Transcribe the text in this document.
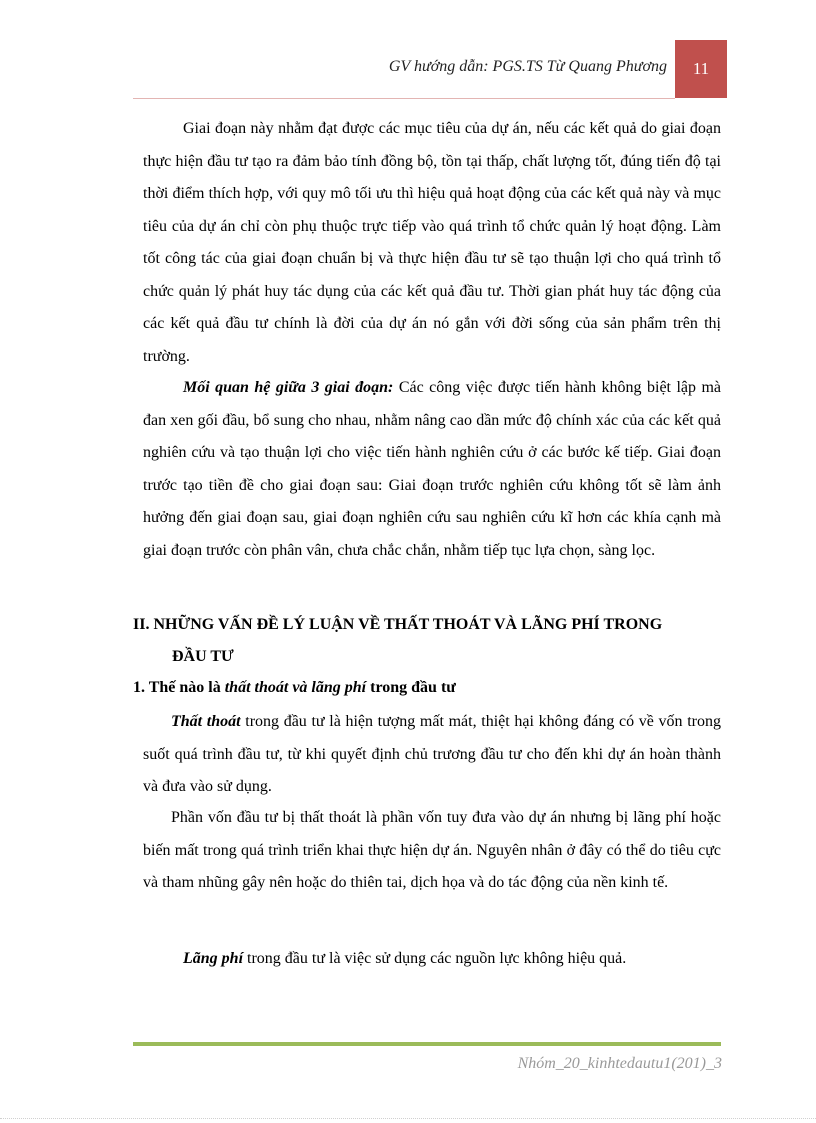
GV hướng dẫn: PGS.TS Từ Quang Phương 11

Giai đoạn này nhằm đạt được các mục tiêu của dự án, nếu các kết quả do giai đoạn thực hiện đầu tư tạo ra đảm bảo tính đồng bộ, tồn tại thấp, chất lượng tốt, đúng tiến độ tại thời điểm thích hợp, với quy mô tối ưu thì hiệu quả hoạt động của các kết quả này và mục tiêu của dự án chỉ còn phụ thuộc trực tiếp vào quá trình tổ chức quản lý hoạt động. Làm tốt công tác của giai đoạn chuẩn bị và thực hiện đầu tư sẽ tạo thuận lợi cho quá trình tổ chức quản lý phát huy tác dụng của các kết quả đầu tư. Thời gian phát huy tác động của các kết quả đầu tư chính là đời của dự án nó gắn với đời sống của sản phẩm trên thị trường.

Mối quan hệ giữa 3 giai đoạn: Các công việc được tiến hành không biệt lập mà đan xen gối đầu, bổ sung cho nhau, nhằm nâng cao dần mức độ chính xác của các kết quả nghiên cứu và tạo thuận lợi cho việc tiến hành nghiên cứu ở các bước kế tiếp. Giai đoạn trước tạo tiền đề cho giai đoạn sau: Giai đoạn trước nghiên cứu không tốt sẽ làm ảnh hưởng đến giai đoạn sau, giai đoạn nghiên cứu sau nghiên cứu kĩ hơn các khía cạnh mà giai đoạn trước còn phân vân, chưa chắc chắn, nhằm tiếp tục lựa chọn, sàng lọc.

II. NHỮNG VẤN ĐỀ LÝ LUẬN VỀ THẤT THOÁT VÀ LÃNG PHÍ TRONG
ĐẦU TƯ
1. Thế nào là thất thoát và lãng phí trong đầu tư

Thất thoát trong đầu tư là hiện tượng mất mát, thiệt hại không đáng có về vốn trong suốt quá trình đầu tư, từ khi quyết định chủ trương đầu tư cho đến khi dự án hoàn thành và đưa vào sử dụng.

Phần vốn đầu tư bị thất thoát là phần vốn tuy đưa vào dự án nhưng bị lãng phí hoặc biến mất trong quá trình triển khai thực hiện dự án. Nguyên nhân ở đây có thể do tiêu cực và tham nhũng gây nên hoặc do thiên tai, dịch họa và do tác động của nền kinh tế.

Lãng phí trong đầu tư là việc sử dụng các nguồn lực không hiệu quả.

Nhóm_20_kinhtedautu1(201)_3
